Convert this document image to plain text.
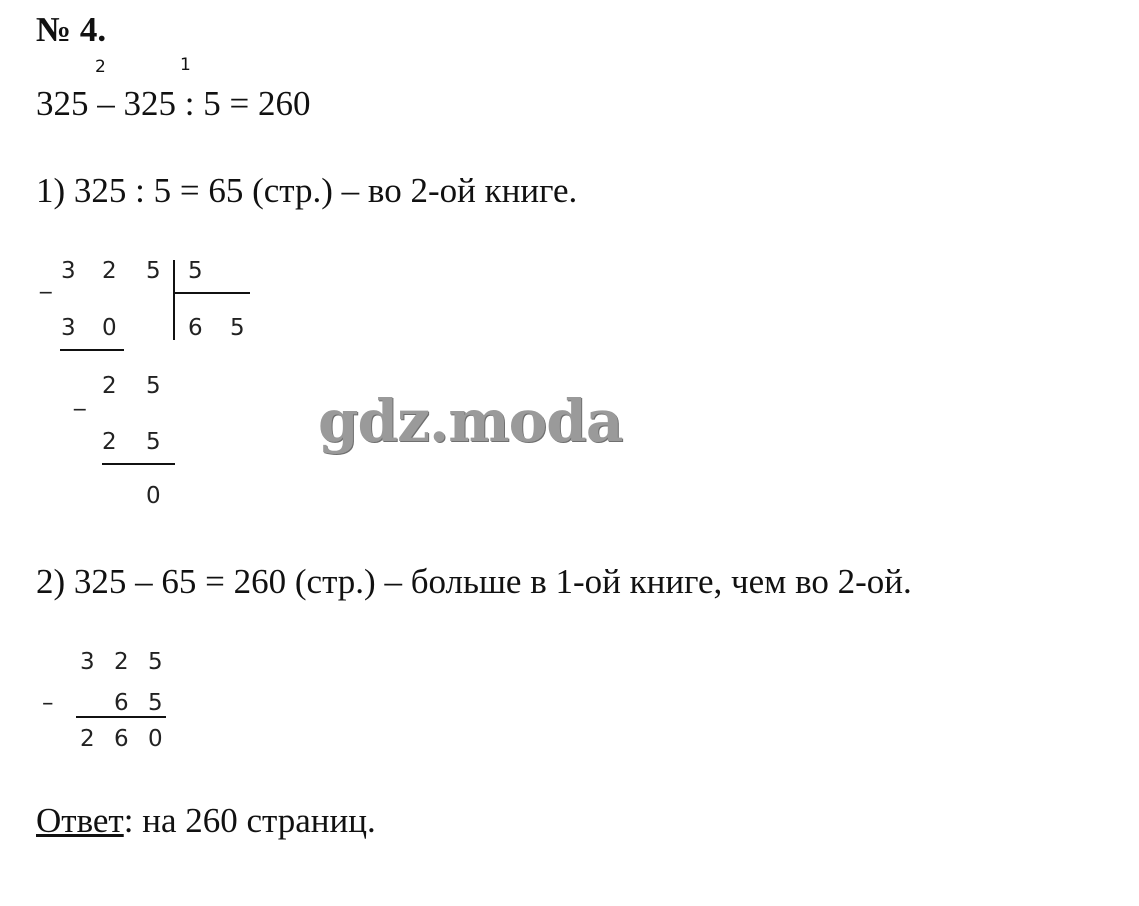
№ 4.
2	1
325 – 325 : 5 = 260
1) 325 : 5 = 65 (стр.) – во 2-ой книге.
_ 3 2 5 5
6 5
3 0
_ 2 5
2 5
0
gdz.moda
2) 325 – 65 = 260 (стр.) – больше в 1-ой книге, чем во 2-ой.
3 2 5
–	6 5
2 6 0
Ответ: на 260 страниц.
